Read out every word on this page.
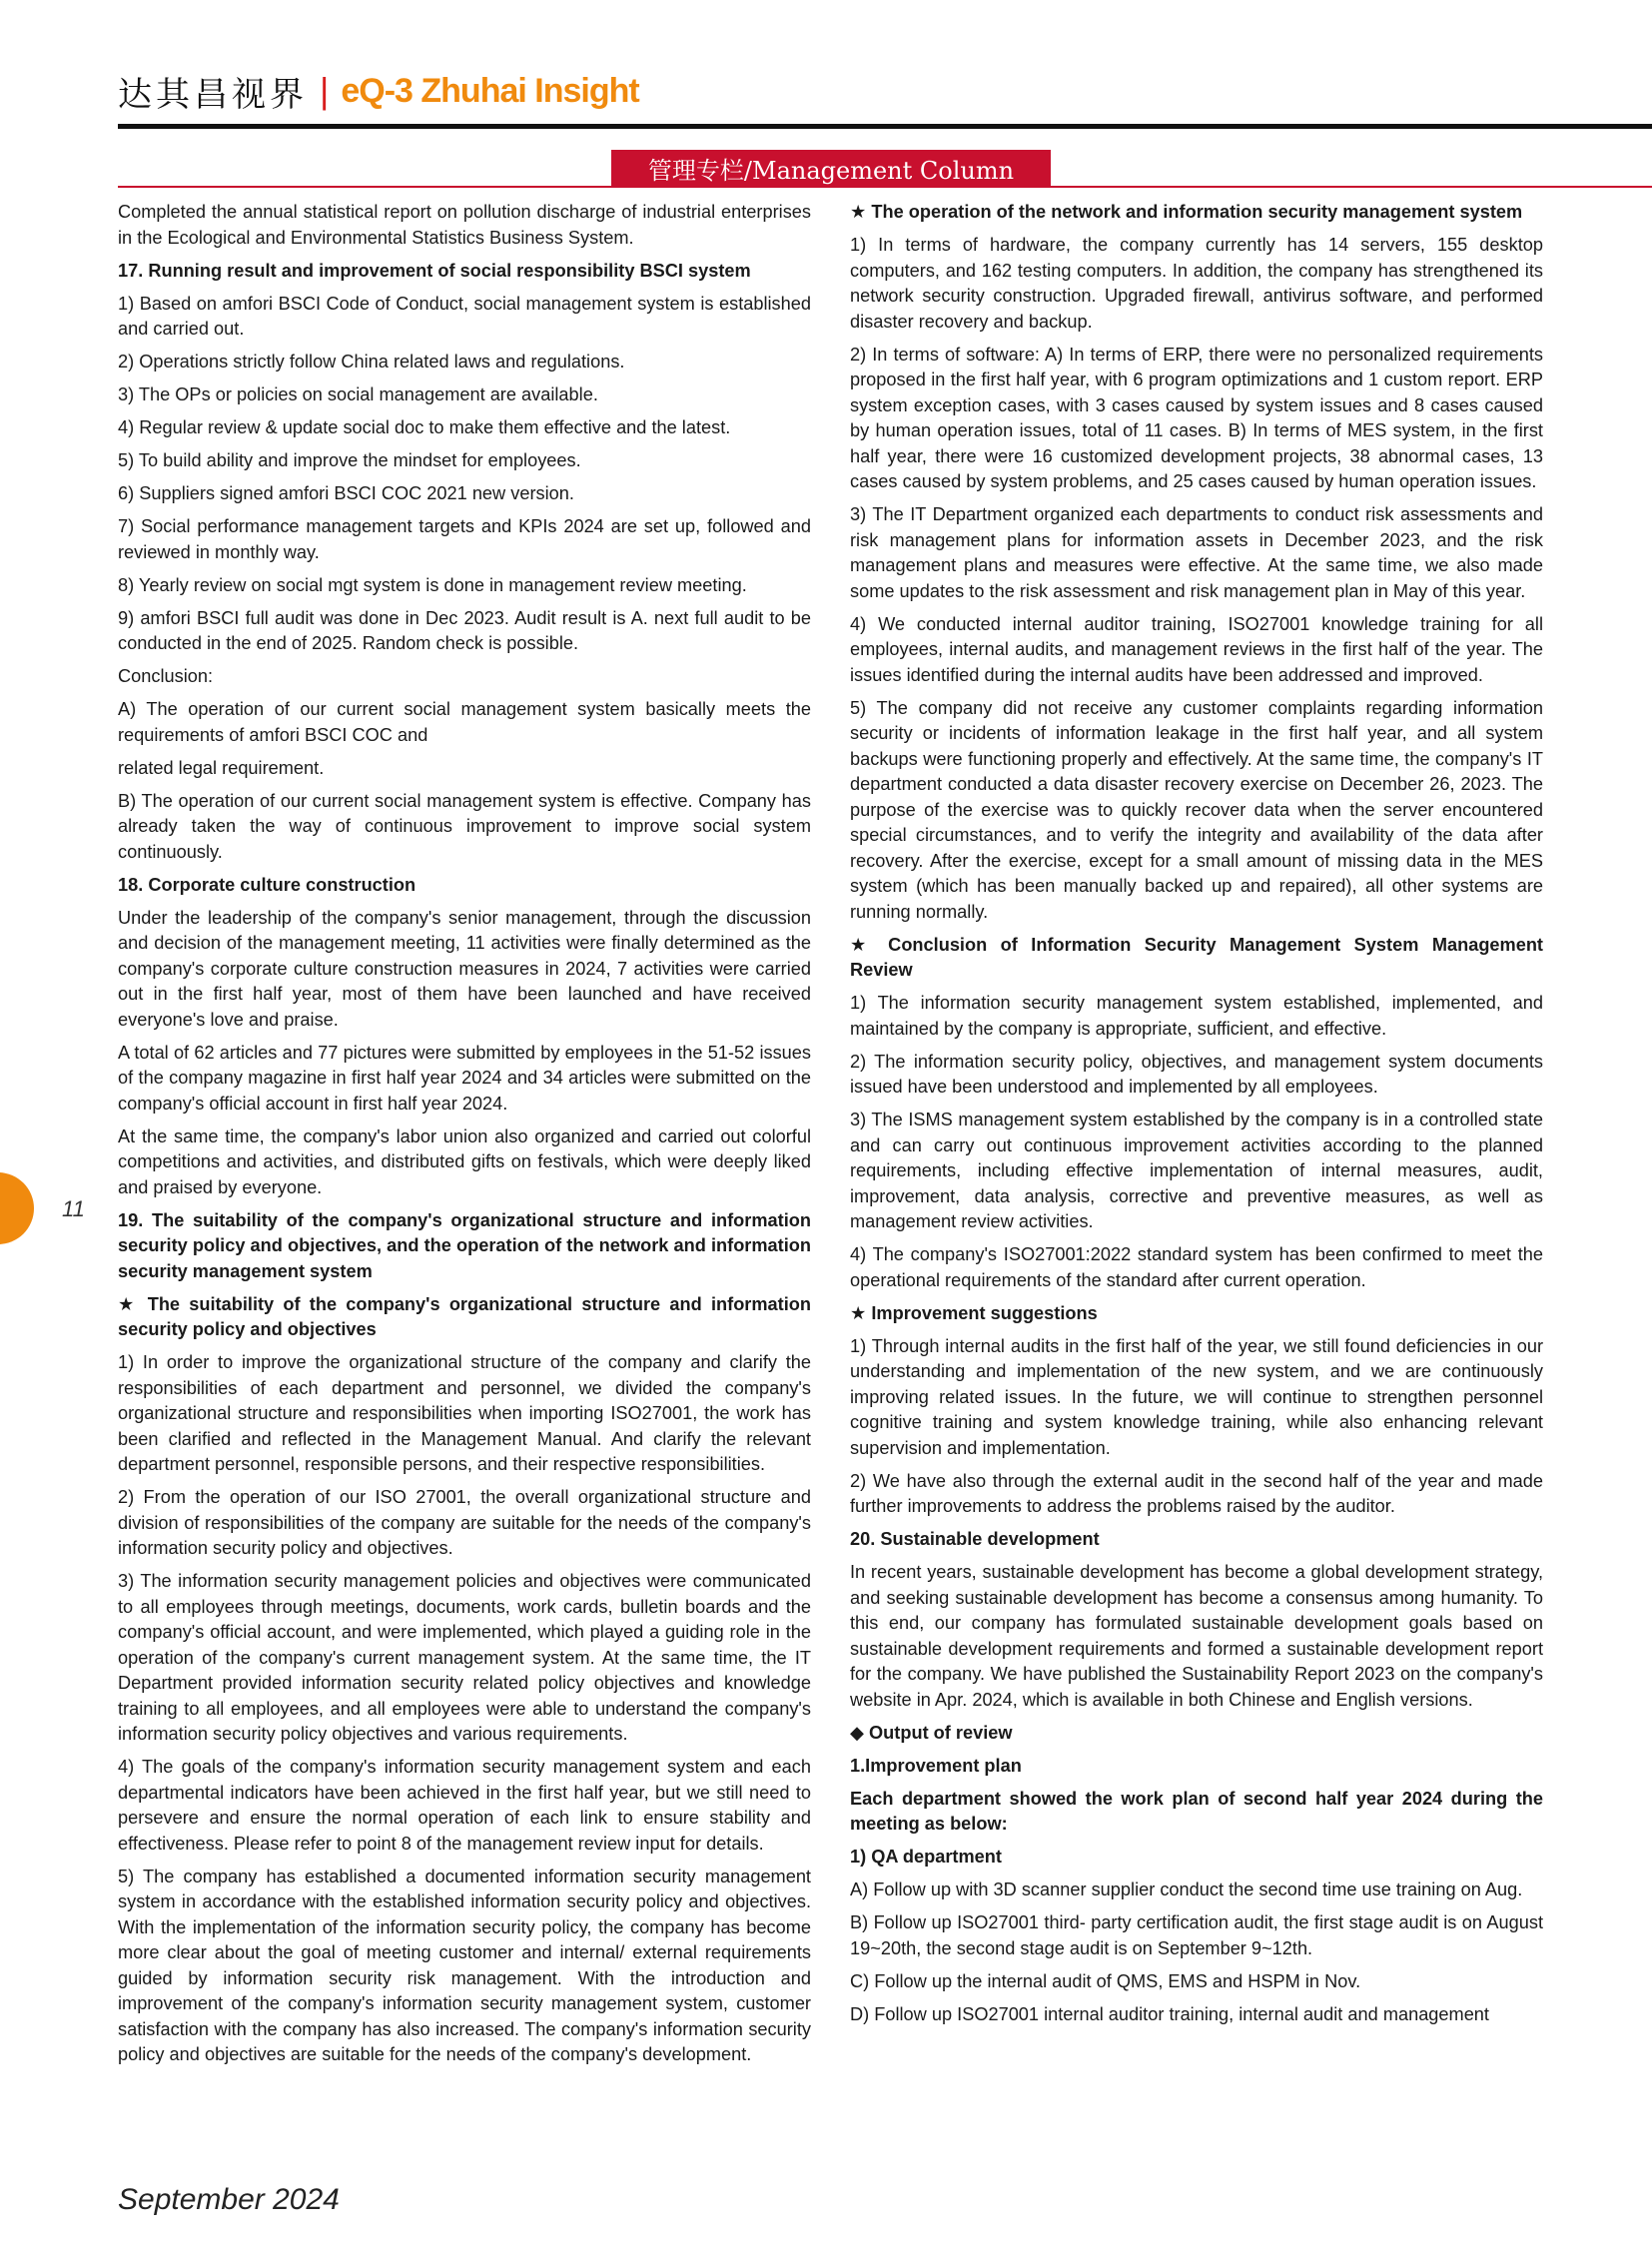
达其昌视界 | eQ-3 Zhuhai Insight
管理专栏/Management Column

Completed the annual statistical report on pollution discharge of industrial enterprises in the Ecological and Environmental Statistics Business System.

17. Running result and improvement of social responsibility BSCI system

1) Based on amfori BSCI Code of Conduct, social management system is established and carried out.

2) Operations strictly follow China related laws and regulations.

3) The OPs or policies on social management are available.

4) Regular review & update social doc to make them effective and the latest.

5) To build ability and improve the mindset for employees.

6) Suppliers signed amfori BSCI COC 2021 new version.

7) Social performance management targets and KPIs 2024 are set up, followed and reviewed in monthly way.

8) Yearly review on social mgt system is done in management review meeting.

9) amfori BSCI full audit was done in Dec 2023. Audit result is A. next full audit to be conducted in the end of 2025. Random check is possible.

Conclusion:

A) The operation of our current social management system basically meets the requirements of amfori BSCI COC and

related legal requirement.

B) The operation of our current social management system is effective. Company has already taken the way of continuous improvement to improve social system continuously.

18. Corporate culture construction

Under the leadership of the company's senior management, through the discussion and decision of the management meeting, 11 activities were finally determined as the company's corporate culture construction measures in 2024, 7 activities were carried out in the first half year, most of them have been launched and have received everyone's love and praise.

A total of 62 articles and 77 pictures were submitted by employees in the 51-52 issues of the company magazine in first half year 2024 and 34 articles were submitted on the company's official account in first half year 2024.

At the same time, the company's labor union also organized and carried out colorful competitions and activities, and distributed gifts on festivals, which were deeply liked and praised by everyone.

19. The suitability of the company's organizational structure and information security policy and objectives, and the operation of the network and information security management system

★ The suitability of the company's organizational structure and information security policy and objectives

1) In order to improve the organizational structure of the company and clarify the responsibilities of each department and personnel, we divided the company's organizational structure and responsibilities when importing ISO27001, the work has been clarified and reflected in the Management Manual. And clarify the relevant department personnel, responsible persons, and their respective responsibilities.

2) From the operation of our ISO 27001, the overall organizational structure and division of responsibilities of the company are suitable for the needs of the company's information security policy and objectives.

3) The information security management policies and objectives were communicated to all employees through meetings, documents, work cards, bulletin boards and the company's official account, and were implemented, which played a guiding role in the operation of the company's current management system. At the same time, the IT Department provided information security related policy objectives and knowledge training to all employees, and all employees were able to understand the company's information security policy objectives and various requirements.

4) The goals of the company's information security management system and each departmental indicators have been achieved in the first half year, but we still need to persevere and ensure the normal operation of each link to ensure stability and effectiveness. Please refer to point 8 of the management review input for details.

5) The company has established a documented information security management system in accordance with the established information security policy and objectives. With the implementation of the information security policy, the company has become more clear about the goal of meeting customer and internal/ external requirements guided by information security risk management. With the introduction and improvement of the company's information security management system, customer satisfaction with the company has also increased. The company's information security policy and objectives are suitable for the needs of the company's development.

★ The operation of the network and information security management system

1) In terms of hardware, the company currently has 14 servers, 155 desktop computers, and 162 testing computers. In addition, the company has strengthened its network security construction. Upgraded firewall, antivirus software, and performed disaster recovery and backup.

2) In terms of software: A) In terms of ERP, there were no personalized requirements proposed in the first half year, with 6 program optimizations and 1 custom report. ERP system exception cases, with 3 cases caused by system issues and 8 cases caused by human operation issues, total of 11 cases. B) In terms of MES system, in the first half year, there were 16 customized development projects, 38 abnormal cases, 13 cases caused by system problems, and 25 cases caused by human operation issues.

3) The IT Department organized each departments to conduct risk assessments and risk management plans for information assets in December 2023, and the risk management plans and measures were effective. At the same time, we also made some updates to the risk assessment and risk management plan in May of this year.

4) We conducted internal auditor training, ISO27001 knowledge training for all employees, internal audits, and management reviews in the first half of the year. The issues identified during the internal audits have been addressed and improved.

5) The company did not receive any customer complaints regarding information security or incidents of information leakage in the first half year, and all system backups were functioning properly and effectively. At the same time, the company's IT department conducted a data disaster recovery exercise on December 26, 2023. The purpose of the exercise was to quickly recover data when the server encountered special circumstances, and to verify the integrity and availability of the data after recovery. After the exercise, except for a small amount of missing data in the MES system (which has been manually backed up and repaired), all other systems are running normally.

★ Conclusion of Information Security Management System Management Review

1) The information security management system established, implemented, and maintained by the company is appropriate, sufficient, and effective.

2) The information security policy, objectives, and management system documents issued have been understood and implemented by all employees.

3) The ISMS management system established by the company is in a controlled state and can carry out continuous improvement activities according to the planned requirements, including effective implementation of internal measures, audit, improvement, data analysis, corrective and preventive measures, as well as management review activities.

4) The company's ISO27001:2022 standard system has been confirmed to meet the operational requirements of the standard after current operation.

★ Improvement suggestions

1) Through internal audits in the first half of the year, we still found deficiencies in our understanding and implementation of the new system, and we are continuously improving related issues. In the future, we will continue to strengthen personnel cognitive training and system knowledge training, while also enhancing relevant supervision and implementation.

2) We have also through the external audit in the second half of the year and made further improvements to address the problems raised by the auditor.

20. Sustainable development

In recent years, sustainable development has become a global development strategy, and seeking sustainable development has become a consensus among humanity. To this end, our company has formulated sustainable development goals based on sustainable development requirements and formed a sustainable development report for the company. We have published the Sustainability Report 2023 on the company's website in Apr. 2024, which is available in both Chinese and English versions.

◆ Output of review

1.Improvement plan

Each department showed the work plan of second half year 2024 during the meeting as below:

1) QA department

A) Follow up with 3D scanner supplier conduct the second time use training on Aug.

B) Follow up ISO27001 third- party certification audit, the first stage audit is on August 19~20th, the second stage audit is on September 9~12th.

C) Follow up the internal audit of QMS, EMS and HSPM in Nov.

D) Follow up ISO27001 internal auditor training, internal audit and management

11
September 2024
